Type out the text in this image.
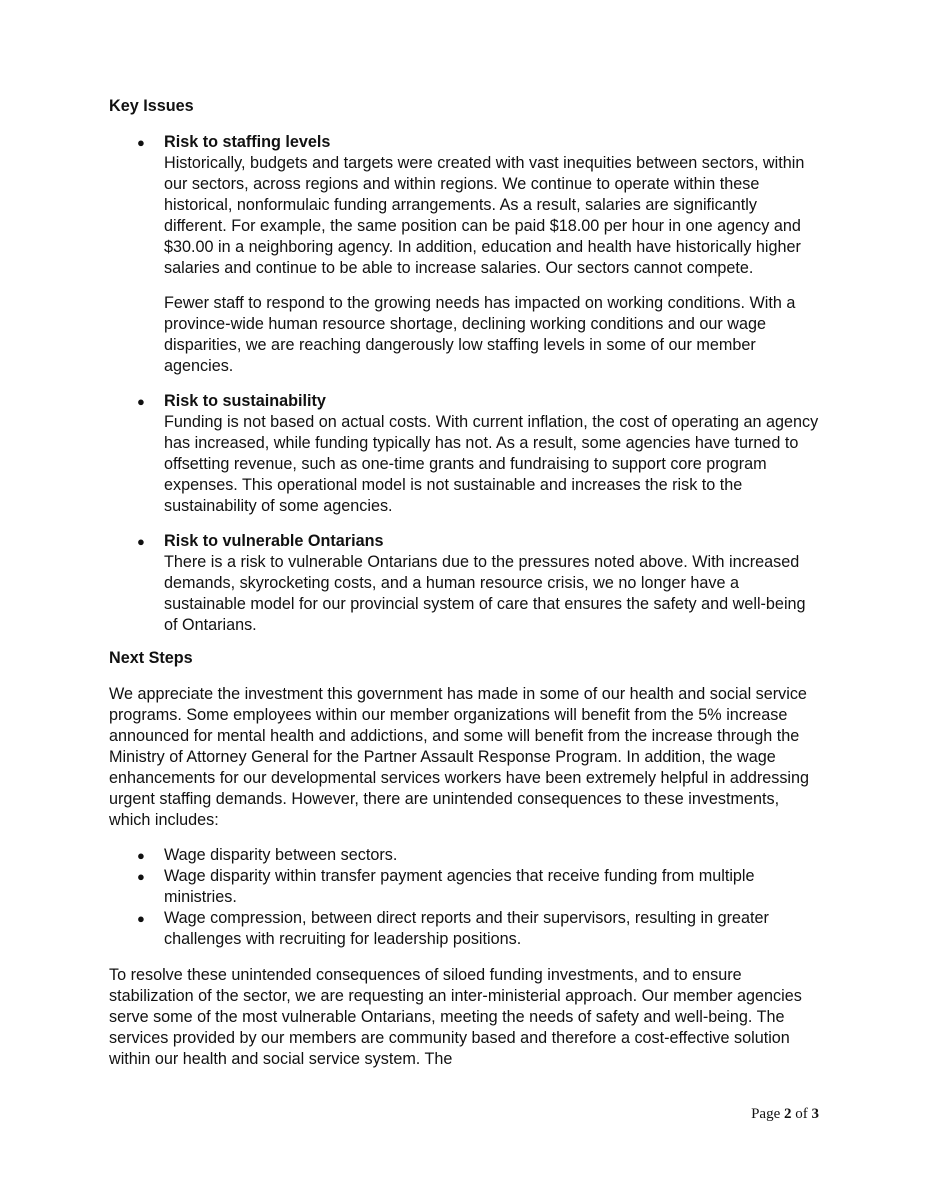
Key Issues

● Risk to staffing levels

Historically, budgets and targets were created with vast inequities between sectors, within our sectors, across regions and within regions. We continue to operate within these historical, nonformulaic funding arrangements. As a result, salaries are significantly different. For example, the same position can be paid $18.00 per hour in one agency and $30.00 in a neighboring agency. In addition, education and health have historically higher salaries and continue to be able to increase salaries. Our sectors cannot compete.

Fewer staff to respond to the growing needs has impacted on working conditions. With a province-wide human resource shortage, declining working conditions and our wage disparities, we are reaching dangerously low staffing levels in some of our member agencies.

● Risk to sustainability

Funding is not based on actual costs. With current inflation, the cost of operating an agency has increased, while funding typically has not. As a result, some agencies have turned to offsetting revenue, such as one-time grants and fundraising to support core program expenses. This operational model is not sustainable and increases the risk to the sustainability of some agencies.

● Risk to vulnerable Ontarians

There is a risk to vulnerable Ontarians due to the pressures noted above. With increased demands, skyrocketing costs, and a human resource crisis, we no longer have a sustainable model for our provincial system of care that ensures the safety and well-being of Ontarians.

Next Steps

We appreciate the investment this government has made in some of our health and social service programs. Some employees within our member organizations will benefit from the 5% increase announced for mental health and addictions, and some will benefit from the increase through the Ministry of Attorney General for the Partner Assault Response Program. In addition, the wage enhancements for our developmental services workers have been extremely helpful in addressing urgent staffing demands. However, there are unintended consequences to these investments, which includes:

● Wage disparity between sectors.
● Wage disparity within transfer payment agencies that receive funding from multiple ministries.
● Wage compression, between direct reports and their supervisors, resulting in greater challenges with recruiting for leadership positions.

To resolve these unintended consequences of siloed funding investments, and to ensure stabilization of the sector, we are requesting an inter-ministerial approach. Our member agencies serve some of the most vulnerable Ontarians, meeting the needs of safety and well-being. The services provided by our members are community based and therefore a cost-effective solution within our health and social service system. The

Page 2 of 3
